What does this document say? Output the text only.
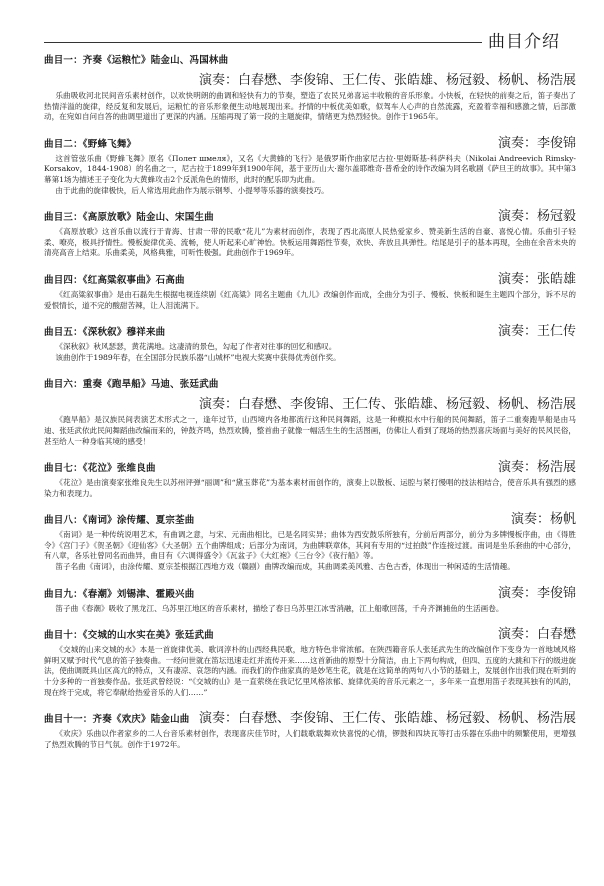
曲目介绍
曲目一：齐奏《运粮忙》陆金山、冯国林曲
演奏：白春懋、李俊锦、王仁传、张皓雄、杨冠毅、杨帆、杨浩展

乐曲吸收河北民间音乐素材创作，以欢快明朗的曲调和轻快有力的节奏，塑造了农民兄弟喜运丰收粮的音乐形象。小快板，在轻快的前奏之后，笛子奏出了热情洋溢的旋律，经反复和发展后，运粮忙的音乐形象便生动地展现出来。抒情的中板优美如歌，似驾车人心声的自然流露，充盈着幸福和感激之情，后部激动，在宛如自问自答的曲调里道出了更深的内涵。压缩再现了第一段的主题旋律，情绪更为热烈轻快。创作于1965年。

曲目二：《野蜂飞舞》	演奏：李俊锦

这首管弦乐曲《野蜂飞舞》原名《Полет шмеля》，又名《大黄蜂的飞行》是俄罗斯作曲家尼古拉·里姆斯基-科萨科夫（Nikolai Andreevich Rimsky-Korsakov，1844-1908）的名曲之一，尼古拉于1899年到1900年间，基于亚历山大·谢尔盖耶维奇·普希金的诗作改编为同名歌剧《萨旦王的故事》。其中第3幕第1场为描述王子变化为大黄蜂攻击2个反派角色的情形，此时的配乐即为此曲。

由于此曲的旋律极快，后人常选用此曲作为展示钢琴、小提琴等乐器的演奏技巧。

曲目三：《高原放歌》陆金山、宋国生曲	演奏：杨冠毅

《高原放歌》这首乐曲以流行于青海、甘肃一带的民歌“花儿”为素材而创作，表现了西北高原人民热爱家乡、赞美新生活的自豪、喜悦心情。乐曲引子轻柔、嘹亮，极具抒情性。慢板旋律优美、流畅，使人听起来心旷神怡。快板运用舞蹈性节奏，欢快、奔放且具弹性。结尾是引子的基本再现，全曲在余音未央的清亮高音上结束。乐曲柔美，风格典雅，可听性极强。此曲创作于1969年。

曲目四：《红高粱叙事曲》石高曲	演奏：张皓雄

《红高粱叙事曲》是由石磊先生根据电视连续剧《红高粱》同名主题曲《九儿》改编创作而成，全曲分为引子、慢板、快板和诞生主题四个部分，诉不尽的爱恨情长，道不完的酸甜苦辣，让人泪流满下。

曲目五：《深秋叙》穆祥来曲	演奏：王仁传

《深秋叙》秋风瑟瑟，黄花满地。这凄清的景色，勾起了作者对往事的回忆和感叹。

该曲创作于1989年春，在全国部分民族乐器“山城杯”电视大奖赛中获得优秀创作奖。

曲目六：重奏《跑旱船》马迪、张廷武曲
演奏：白春懋、李俊锦、王仁传、张皓雄、杨冠毅、杨帆、杨浩展

《跑旱船》是汉族民间表演艺术形式之一，逢年过节，山西境内各地都流行这种民间舞蹈，这是一种模拟水中行船的民间舞蹈，笛子二重奏跑旱船是由马迪、张廷武依此民间舞蹈曲改编而来的，钟鼓齐鸣，热烈欢腾，整首曲子就像一幅活生生的生活图画，仿佛让人看到了现场的热烈喜庆场面与美好的民风民俗，甚至给人一种身临其境的感受！

曲目七：《花泣》张维良曲	演奏：杨浩展

《花泣》是由演奏家张维良先生以苏州评弹“丽调”和“黛玉葬花”为基本素材而创作的，演奏上以散板、运腔与紧打慢唱的技法相结合，使音乐具有强烈的感染力和表现力。

曲目八：《南词》涂传耀、夏宗荃曲	演奏：杨帆

《南词》是一种传统说唱艺术，有曲调之意，与宋、元南曲相比，已是名同实异；曲体为西安鼓乐所独有，分前后两部分，前分为多牌慢板序曲，由《得胜令》《宫门子》《贺圣朝》《迎仙客》《大圣朝》五个曲牌组成；后部分为南词，为曲牌联章体，其间有专用的“过拍鼓”作连接过渡。南词是坐乐套曲的中心部分，有八章，各乐社曾同名而曲异，曲目有《六调得盛令》《瓦盆子》《大红袍》《三台令》《夜行船》等。

笛子名曲《南词》，由涂传耀、夏宗荃根据江西地方戏（赣剧）曲牌改编而成，其曲调柔美风雅、古色古香，体现出一种闲适的生活情趣。

曲目九：《春潮》刘锡津、霍殿兴曲	演奏：李俊锦

笛子曲《春潮》吸收了黑龙江、乌苏里江地区的音乐素材，描绘了春日乌苏里江冰雪消融，江上船歌回荡，千舟齐渊捕鱼的生活画卷。

曲目十：《交城的山水实在美》张廷武曲	演奏：白春懋

《交城的山来交城的水》本是一首旋律优美、歌词淳朴的山西经典民歌，地方特色非常浓郁。在陕西籍音乐人张延武先生的改编创作下变身为一首地域风格鲜明又赋予时代气息的笛子独奏曲。一经问世就在笛坛迅速走红并流传开来……这首新曲的原型十分简洁，由上下两句构成，但四、五度的大跳和下行的级进旋法，使曲调既具山区高亢的特点，又有凄凉、哀怨的内涵。而我们的作曲家真的是妙笔生花，就是在这简单的两句八小节的基础上，发展创作出我们现在听到的十分多种的一首独奏作品。张廷武曾经说：“《交城的山》是一直萦绕在我记忆里风格浓郁、旋律优美的音乐元素之一，多年来一直想用笛子表现其独有的风韵，现在终于完成，将它奉献给热爱音乐的人们……”

曲目十一：齐奏《欢庆》陆金山曲 演奏：白春懋、李俊锦、王仁传、张皓雄、杨冠毅、杨帆、杨浩展

《欢庆》乐曲以作者家乡的二人台音乐素材创作，表现喜庆佳节时，人们载歌载舞欢快喜悦的心情，锣鼓和四块瓦等打击乐器在乐曲中的频繁使用，更增强了热烈欢腾的节日气氛。创作于1972年。
